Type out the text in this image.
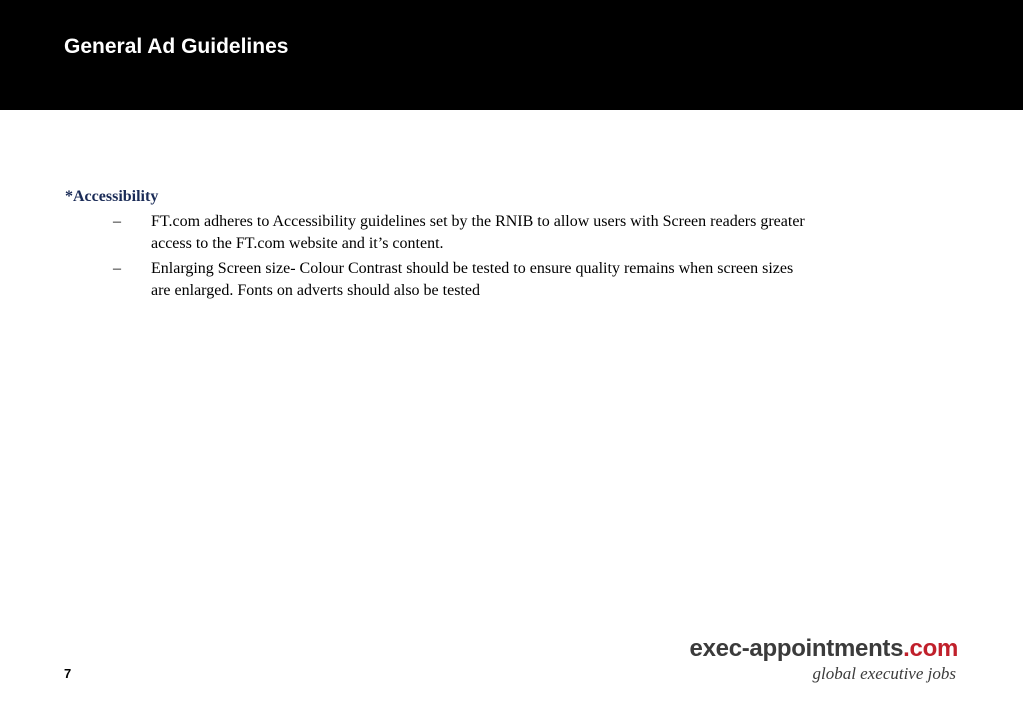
General Ad Guidelines
*Accessibility
– FT.com adheres to Accessibility guidelines set by the RNIB to allow users with Screen readers greater access to the FT.com website and it’s content.
– Enlarging Screen size- Colour Contrast should be tested to ensure quality remains when screen sizes are enlarged. Fonts on adverts should also be tested
7
exec-appointments.com
global executive jobs
